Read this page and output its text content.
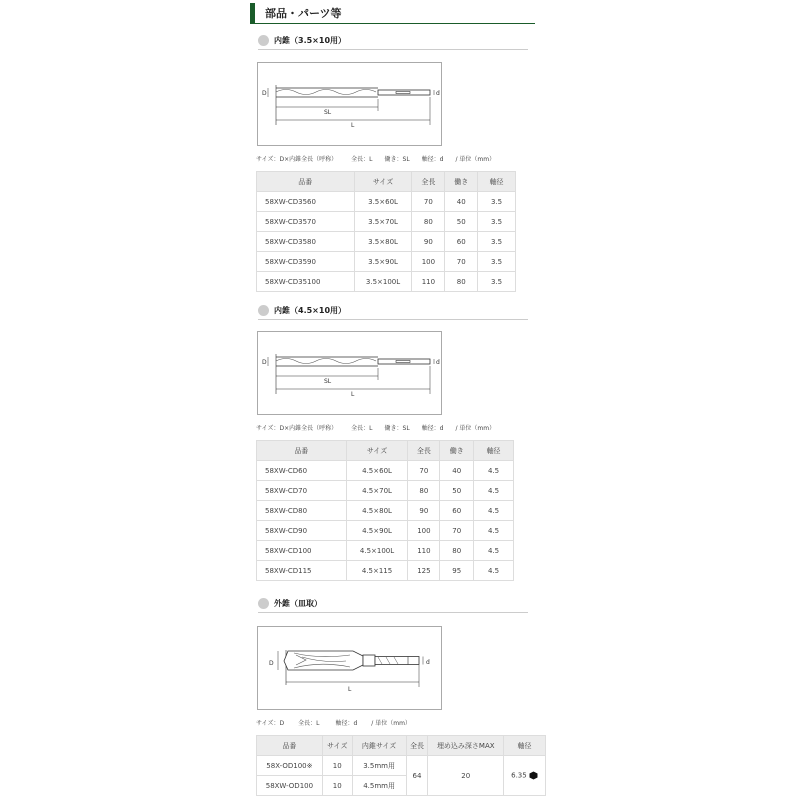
部品・パーツ等
内錐（3.5×10用）
D	d
SL
L
サイズ：D×内錐全長（呼称） 全長：L 働き：SL 軸径：d / 単位（mm）
品番	サイズ	全長	働き	軸径
58XW-CD3560	3.5×60L	70	40	3.5
58XW-CD3570	3.5×70L	80	50	3.5
58XW-CD3580	3.5×80L	90	60	3.5
58XW-CD3590	3.5×90L	100	70	3.5
58XW-CD35100	3.5×100L	110	80	3.5
内錐（4.5×10用）
D	d
SL
L
サイズ：D×内錐全長（呼称） 全長：L 働き：SL 軸径：d / 単位（mm）
品番	サイズ	全長	働き	軸径
58XW-CD60	4.5×60L	70	40	4.5
58XW-CD70	4.5×70L	80	50	4.5
58XW-CD80	4.5×80L	90	60	4.5
58XW-CD90	4.5×90L	100	70	4.5
58XW-CD100	4.5×100L	110	80	4.5
58XW-CD115	4.5×115	125	95	4.5
外錐（皿取）
D	d
L
サイズ：D 全長：L	軸径：d / 単位（mm）
品番	サイズ	内錐サイズ	全長	埋め込み深さMAX	軸径
58X-OD100※	10	3.5mm用	64	20	6.35
58XW-OD100	10	4.5mm用			
